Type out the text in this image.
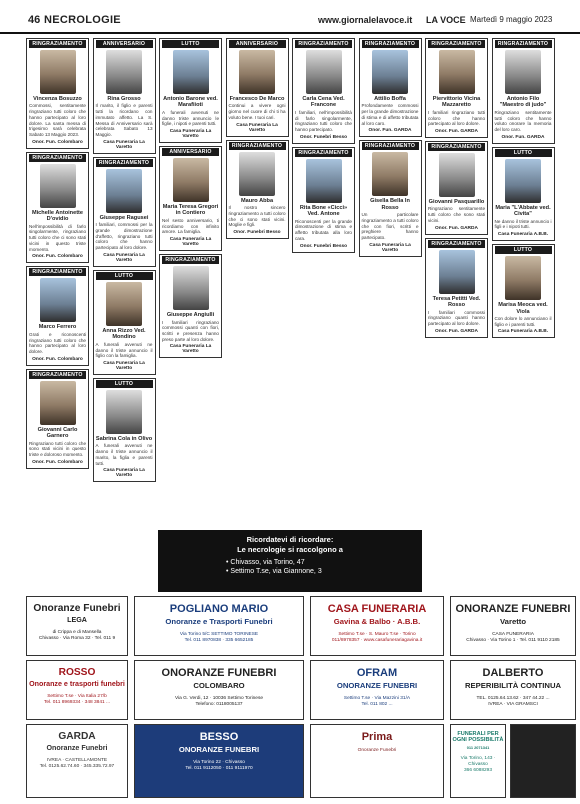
46 NECROLOGIE	www.giornalelavoce.it LA VOCE Martedì 9 maggio 2023
RINGRAZIAMENTO
Vincenza Bosuzzo
Commossi, sentitamente ringraziano tutti coloro che hanno partecipato al loro dolore. La santa messa di trigesimo sarà celebrata Sabato 13 Maggio 2023.
Onor. Fun. Colombaro
RINGRAZIAMENTO
Michelle Antoinette D'ovidio
Nell'impossibilità di farlo singolarmente, ringraziano tutti coloro che ci sono stati vicini in questo triste momento.
Onor. Fun. Colombaro
RINGRAZIAMENTO
Marco Ferrero
Grati e riconoscenti ringraziano tutti coloro che hanno partecipato al loro dolore.
Onor. Fun. Colombaro
RINGRAZIAMENTO
Giovanni Carlo Garnero
Ringraziano tutti coloro che sono stati vicini in questo triste e doloroso momento.
Onor. Fun. Colombaro
ANNIVERSARIO
Rina Grosso
Il marito, il figlio e parenti tutti la ricordano con immutato affetto. La S. Messa di Anniversario sarà celebrata Sabato 13 Maggio.
Casa Funeraria La Varetto
RINGRAZIAMENTO
Giuseppe Ragusei
I familiari, commossi per la grande dimostrazione d'affetto, ringraziano tutti coloro che hanno partecipato al loro dolore.
Casa Funeraria La Varetto
LUTTO
Anna Rizzo Ved. Mondino
A funerali avvenuti ne danno il triste annuncio il figlio con la famiglia.
Casa Funeraria La Varetto
LUTTO
Sabrina Cola in Olivo
A funerali avvenuti ne danno il triste annuncio il marito, la figlia e parenti tutti.
Casa Funeraria La Varetto
LUTTO
Antonio Barone ved. Marafiioti
A funerali avvenuti ne danno triste annuncio le figlie, i nipoti e parenti tutti.
Casa Funeraria La Varetto
ANNIVERSARIO
Maria Teresa Gregori in Contiero
Nel sesto anniversario, ti ricordiamo con infinito amore. La famiglia.
Casa Funeraria La Varetto
RINGRAZIAMENTO
Giuseppe Angiulli
I familiari ringraziano commossi quanti con fiori, scritti e presenza hanno preso parte al loro dolore.
Casa Funeraria La Varetto
ANNIVERSARIO
Francesco De Marco
Continui a vivere ogni giorno nel cuore di chi ti ha voluto bene. I tuoi cari.
Casa Funeraria La Varetto
RINGRAZIAMENTO
Mauro Abba
Il nostro sincero ringraziamento a tutti coloro che ci sono stati vicini. Moglie e figli.
Onor. Funebri Besso
RINGRAZIAMENTO
Carla Cena Ved. Francone
I familiari, nell'impossibilità di farlo singolarmente, ringraziano tutti coloro che hanno partecipato.
Onor. Funebri Besso
RINGRAZIAMENTO
Rita Bone «Cicci» Ved. Antone
Riconoscenti per la grande dimostrazione di stima e affetto tributata alla loro cara.
Onor. Funebri Besso
RINGRAZIAMENTO
Attilio Boffa
Profondamente commossi per la grande dimostrazione di stima e di affetto tributata al loro caro.
Onor. Fun. GARDA
RINGRAZIAMENTO
Gisella Bella In Rosso
Un particolare ringraziamento a tutti coloro che con fiori, scritti e preghiere hanno partecipato.
Casa Funeraria La Varetto
RINGRAZIAMENTO
Piervittorio Vicina Mazzaretto
I familiari ringraziano tutti coloro che hanno partecipato al loro dolore.
Onor. Fun. GARDA
RINGRAZIAMENTO
Giovanni Pasquarillo
Ringraziano sentitamente tutti coloro che sono stati vicini.
Onor. Fun. GARDA
RINGRAZIAMENTO
Teresa Petitti Ved. Rosso
I familiari commossi ringraziano quanti hanno partecipato al loro dolore.
Onor. Fun. GARDA
RINGRAZIAMENTO
Antonio Filo "Maestro di judo"
Ringraziano sentitamente tutti coloro che hanno voluto onorare la memoria del loro caro.
Onor. Fun. GARDA
LUTTO
Maria "L'Abbate ved. Civita"
Ne danno il triste annuncio i figli e i nipoti tutti.
Casa Funeraria A.B.B.
LUTTO
Marisa Meoca ved. Viola
Con dolore lo annunciano il figlio e i parenti tutti.
Casa Funeraria A.B.B.
Ricordatevi di ricordare:
Le necrologie si raccolgono a
• Chivasso, via Torino, 47
• Settimo T.se, via Giannone, 3
Onoranze Funebri
LEGA
di Crippa e di Mansella
Chivasso · Via Roma 32 · Tel. 011 9
POGLIANO MARIO
Onoranze e Trasporti Funebri
Via Torino 5/C SETTIMO TORINESE
Tel. 011 8970838 · 335 6652185
CASA FUNERARIA
Gavina & Balbo · A.B.B.
Settimo T.se · S. Mauro T.se · Torino
011/8978357 · www.casafunerariagavina.it
ONORANZE FUNEBRI
Varetto
CASA FUNERARIA
Chivasso · Via Torino 1 · Tel. 011 9110 2185
ROSSO
Onoranze e trasporti funebri
Settimo T.se · Via Italia 27/b
Tel. 011 8969334 · 348 3841 ...
ONORANZE FUNEBRI
COLOMBARO
Via G. Verdi, 12 · 10036 Settimo Torinese
Telefono: 0118005137
OFRAM
ONORANZE FUNEBRI
Settimo T.se · Via Mazzini 31/A
Tel. 011 802 ...
DALBERTO
REPERIBILITÀ CONTINUA
TEL. 0125.64.13.62 · 347 44.22 ...
IVREA · VIA GRAMSCI
GARDA
Onoranze Funebri
IVREA · CASTELLAMONTE
Tel. 0125.62.74.60 · 345.335.72.97
BESSO
ONORANZE FUNEBRI
Via Torino 22 · Chivasso
Tel. 011 9112050 · 011 9111970
Prima
Onoranze Funebri
FUNERALI PER OGNI POSSIBILITÀ
011 2071341
Via Torino, 143 · Chivasso
366 6088293
